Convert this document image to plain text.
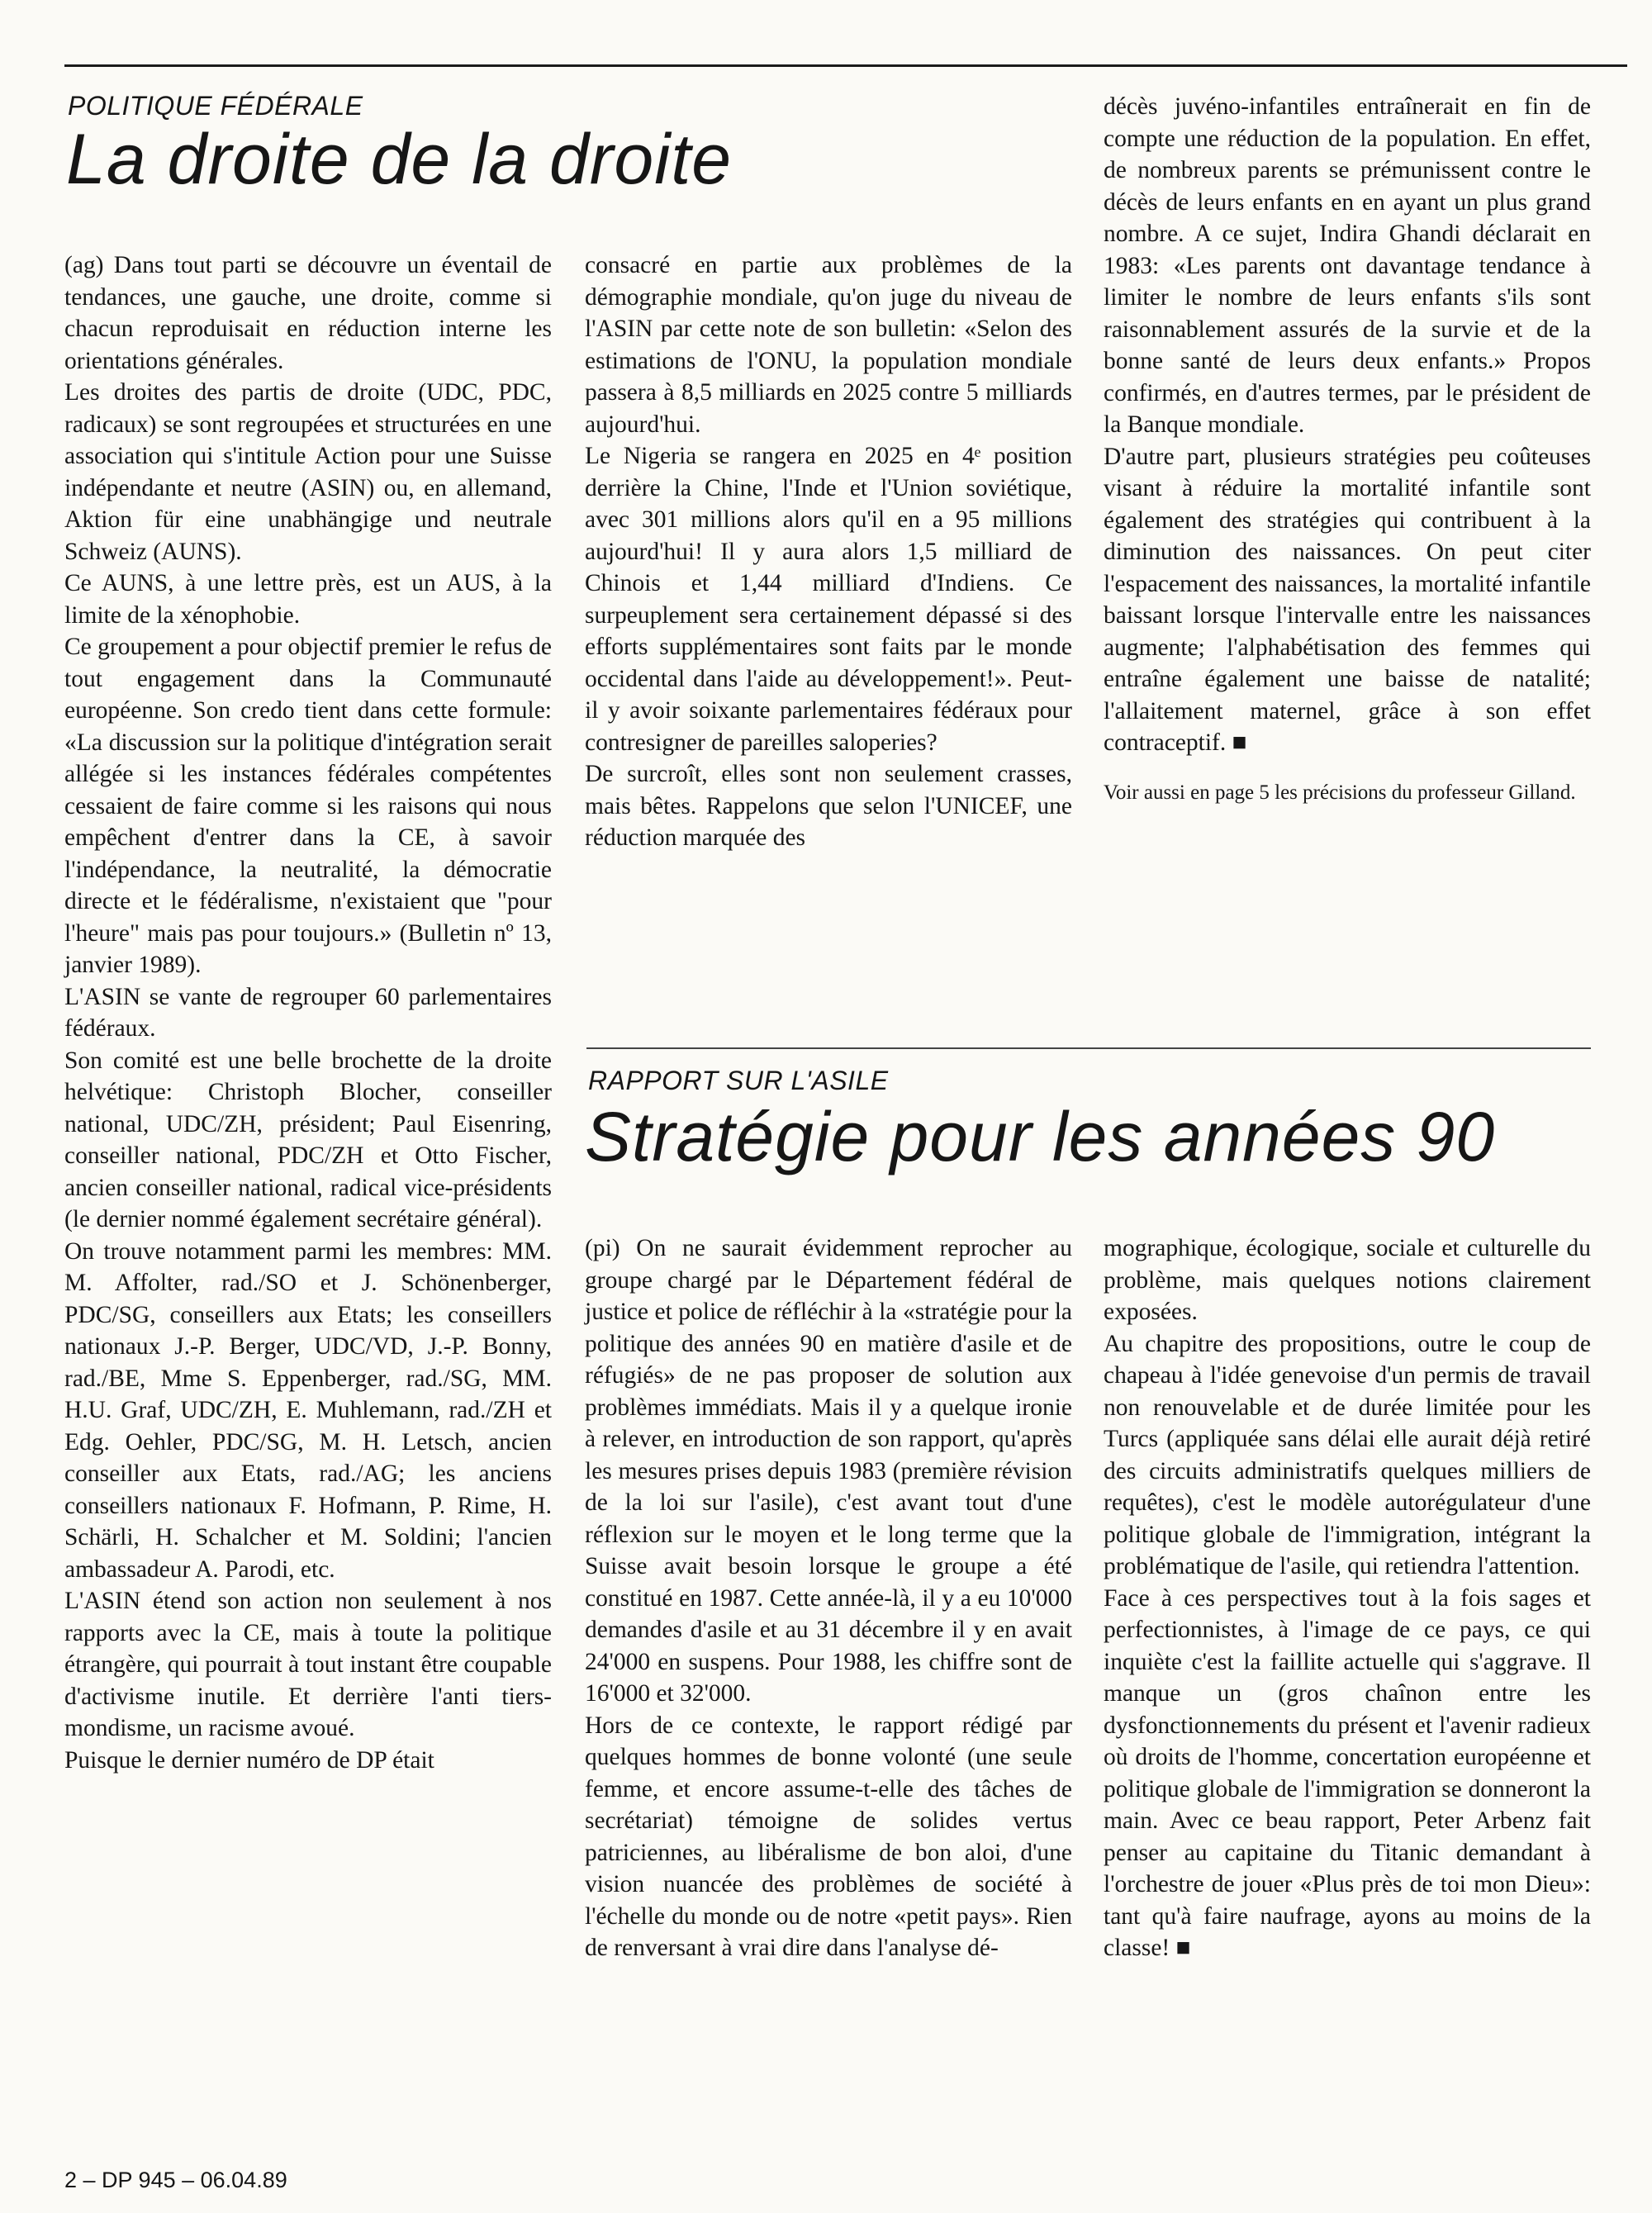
POLITIQUE FÉDÉRALE
La droite de la droite

(ag) Dans tout parti se découvre un éventail de tendances, une gauche, une droite, comme si chacun reproduisait en réduction interne les orientations générales.

Les droites des partis de droite (UDC, PDC, radicaux) se sont regroupées et structurées en une association qui s'intitule Action pour une Suisse indépendante et neutre (ASIN) ou, en allemand, Aktion für eine unabhängige und neutrale Schweiz (AUNS).

Ce AUNS, à une lettre près, est un AUS, à la limite de la xénophobie.

Ce groupement a pour objectif premier le refus de tout engagement dans la Communauté européenne. Son credo tient dans cette formule: «La discussion sur la politique d'intégration serait allégée si les instances fédérales compétentes cessaient de faire comme si les raisons qui nous empêchent d'entrer dans la CE, à savoir l'indépendance, la neutralité, la démocratie directe et le fédéralisme, n'existaient que "pour l'heure" mais pas pour toujours.» (Bulletin nº 13, janvier 1989).

L'ASIN se vante de regrouper 60 parlementaires fédéraux.

Son comité est une belle brochette de la droite helvétique: Christoph Blocher, conseiller national, UDC/ZH, président; Paul Eisenring, conseiller national, PDC/ZH et Otto Fischer, ancien conseiller national, radical vice-présidents (le dernier nommé également secrétaire général).

On trouve notamment parmi les membres: MM. M. Affolter, rad./SO et J. Schönenberger, PDC/SG, conseillers aux Etats; les conseillers nationaux J.-P. Berger, UDC/VD, J.-P. Bonny, rad./BE, Mme S. Eppenberger, rad./SG, MM. H.U. Graf, UDC/ZH, E. Muhlemann, rad./ZH et Edg. Oehler, PDC/SG, M. H. Letsch, ancien conseiller aux Etats, rad./AG; les anciens conseillers nationaux F. Hofmann, P. Rime, H. Schärli, H. Schalcher et M. Soldini; l'ancien ambassadeur A. Parodi, etc.

L'ASIN étend son action non seulement à nos rapports avec la CE, mais à toute la politique étrangère, qui pourrait à tout instant être coupable d'activisme inutile. Et derrière l'anti tiers-mondisme, un racisme avoué.

Puisque le dernier numéro de DP était

consacré en partie aux problèmes de la démographie mondiale, qu'on juge du niveau de l'ASIN par cette note de son bulletin: «Selon des estimations de l'ONU, la population mondiale passera à 8,5 milliards en 2025 contre 5 milliards aujourd'hui.

Le Nigeria se rangera en 2025 en 4ᵉ position derrière la Chine, l'Inde et l'Union soviétique, avec 301 millions alors qu'il en a 95 millions aujourd'hui! Il y aura alors 1,5 milliard de Chinois et 1,44 milliard d'Indiens. Ce surpeuplement sera certainement dépassé si des efforts supplémentaires sont faits par le monde occidental dans l'aide au développement!». Peut-il y avoir soixante parlementaires fédéraux pour contresigner de pareilles saloperies?

De surcroît, elles sont non seulement crasses, mais bêtes. Rappelons que selon l'UNICEF, une réduction marquée des

décès juvéno-infantiles entraînerait en fin de compte une réduction de la population. En effet, de nombreux parents se prémunissent contre le décès de leurs enfants en en ayant un plus grand nombre. A ce sujet, Indira Ghandi déclarait en 1983: «Les parents ont davantage tendance à limiter le nombre de leurs enfants s'ils sont raisonnablement assurés de la survie et de la bonne santé de leurs deux enfants.» Propos confirmés, en d'autres termes, par le président de la Banque mondiale.

D'autre part, plusieurs stratégies peu coûteuses visant à réduire la mortalité infantile sont également des stratégies qui contribuent à la diminution des naissances. On peut citer l'espacement des naissances, la mortalité infantile baissant lorsque l'intervalle entre les naissances augmente; l'alphabétisation des femmes qui entraîne également une baisse de natalité; l'allaitement maternel, grâce à son effet contraceptif. ■

Voir aussi en page 5 les précisions du professeur Gilland.

RAPPORT SUR L'ASILE
Stratégie pour les années 90

(pi) On ne saurait évidemment reprocher au groupe chargé par le Département fédéral de justice et police de réfléchir à la «stratégie pour la politique des années 90 en matière d'asile et de réfugiés» de ne pas proposer de solution aux problèmes immédiats. Mais il y a quelque ironie à relever, en introduction de son rapport, qu'après les mesures prises depuis 1983 (première révision de la loi sur l'asile), c'est avant tout d'une réflexion sur le moyen et le long terme que la Suisse avait besoin lorsque le groupe a été constitué en 1987. Cette année-là, il y a eu 10'000 demandes d'asile et au 31 décembre il y en avait 24'000 en suspens. Pour 1988, les chiffre sont de 16'000 et 32'000.

Hors de ce contexte, le rapport rédigé par quelques hommes de bonne volonté (une seule femme, et encore assume-t-elle des tâches de secrétariat) témoigne de solides vertus patriciennes, au libéralisme de bon aloi, d'une vision nuancée des problèmes de société à l'échelle du monde ou de notre «petit pays». Rien de renversant à vrai dire dans l'analyse dé-

mographique, écologique, sociale et culturelle du problème, mais quelques notions clairement exposées.

Au chapitre des propositions, outre le coup de chapeau à l'idée genevoise d'un permis de travail non renouvelable et de durée limitée pour les Turcs (appliquée sans délai elle aurait déjà retiré des circuits administratifs quelques milliers de requêtes), c'est le modèle autorégulateur d'une politique globale de l'immigration, intégrant la problématique de l'asile, qui retiendra l'attention.

Face à ces perspectives tout à la fois sages et perfectionnistes, à l'image de ce pays, ce qui inquiète c'est la faillite actuelle qui s'aggrave. Il manque un (gros chaînon entre les dysfonctionnements du présent et l'avenir radieux où droits de l'homme, concertation européenne et politique globale de l'immigration se donneront la main. Avec ce beau rapport, Peter Arbenz fait penser au capitaine du Titanic demandant à l'orchestre de jouer «Plus près de toi mon Dieu»: tant qu'à faire naufrage, ayons au moins de la classe! ■

2 – DP 945 – 06.04.89
